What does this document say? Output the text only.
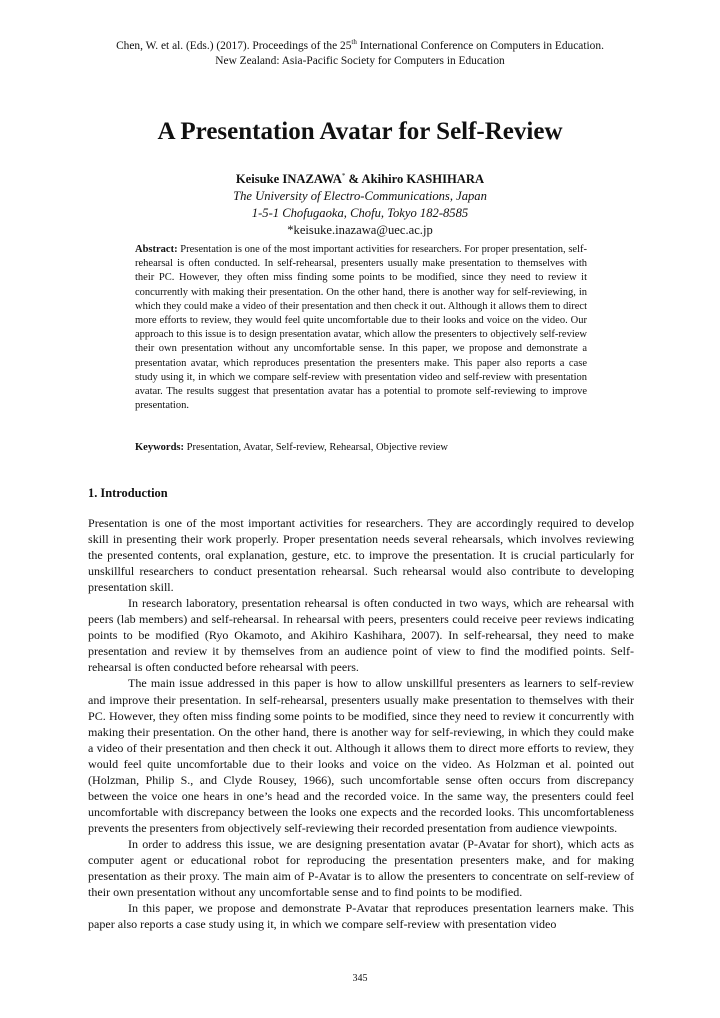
Chen, W. et al. (Eds.) (2017). Proceedings of the 25th International Conference on Computers in Education.
New Zealand: Asia-Pacific Society for Computers in Education
A Presentation Avatar for Self-Review
Keisuke INAZAWA* & Akihiro KASHIHARA
The University of Electro-Communications, Japan
1-5-1 Chofugaoka, Chofu, Tokyo 182-8585
*keisuke.inazawa@uec.ac.jp

Abstract: Presentation is one of the most important activities for researchers. For proper presentation, self-rehearsal is often conducted. In self-rehearsal, presenters usually make presentation to themselves with their PC. However, they often miss finding some points to be modified, since they need to review it concurrently with making their presentation. On the other hand, there is another way for self-reviewing, in which they could make a video of their presentation and then check it out. Although it allows them to direct more efforts to review, they would feel quite uncomfortable due to their looks and voice on the video. Our approach to this issue is to design presentation avatar, which allow the presenters to objectively self-review their own presentation without any uncomfortable sense. In this paper, we propose and demonstrate a presentation avatar, which reproduces presentation the presenters make. This paper also reports a case study using it, in which we compare self-review with presentation video and self-review with presentation avatar. The results suggest that presentation avatar has a potential to promote self-reviewing to improve presentation.

Keywords: Presentation, Avatar, Self-review, Rehearsal, Objective review

1. Introduction

Presentation is one of the most important activities for researchers. They are accordingly required to develop skill in presenting their work properly. Proper presentation needs several rehearsals, which involves reviewing the presented contents, oral explanation, gesture, etc. to improve the presentation. It is crucial particularly for unskillful researchers to conduct presentation rehearsal. Such rehearsal would also contribute to developing presentation skill.

In research laboratory, presentation rehearsal is often conducted in two ways, which are rehearsal with peers (lab members) and self-rehearsal. In rehearsal with peers, presenters could receive peer reviews indicating points to be modified (Ryo Okamoto, and Akihiro Kashihara, 2007). In self-rehearsal, they need to make presentation and review it by themselves from an audience point of view to find the modified points. Self-rehearsal is often conducted before rehearsal with peers.

The main issue addressed in this paper is how to allow unskillful presenters as learners to self-review and improve their presentation. In self-rehearsal, presenters usually make presentation to themselves with their PC. However, they often miss finding some points to be modified, since they need to review it concurrently with making their presentation. On the other hand, there is another way for self-reviewing, in which they could make a video of their presentation and then check it out. Although it allows them to direct more efforts to review, they would feel quite uncomfortable due to their looks and voice on the video. As Holzman et al. pointed out (Holzman, Philip S., and Clyde Rousey, 1966), such uncomfortable sense often occurs from discrepancy between the voice one hears in one’s head and the recorded voice. In the same way, the presenters could feel uncomfortable with discrepancy between the looks one expects and the recorded looks. This uncomfortableness prevents the presenters from objectively self-reviewing their recorded presentation from audience viewpoints.

In order to address this issue, we are designing presentation avatar (P-Avatar for short), which acts as computer agent or educational robot for reproducing the presentation presenters make, and for making presentation as their proxy. The main aim of P-Avatar is to allow the presenters to concentrate on self-review of their own presentation without any uncomfortable sense and to find points to be modified.

In this paper, we propose and demonstrate P-Avatar that reproduces presentation learners make. This paper also reports a case study using it, in which we compare self-review with presentation video

345
